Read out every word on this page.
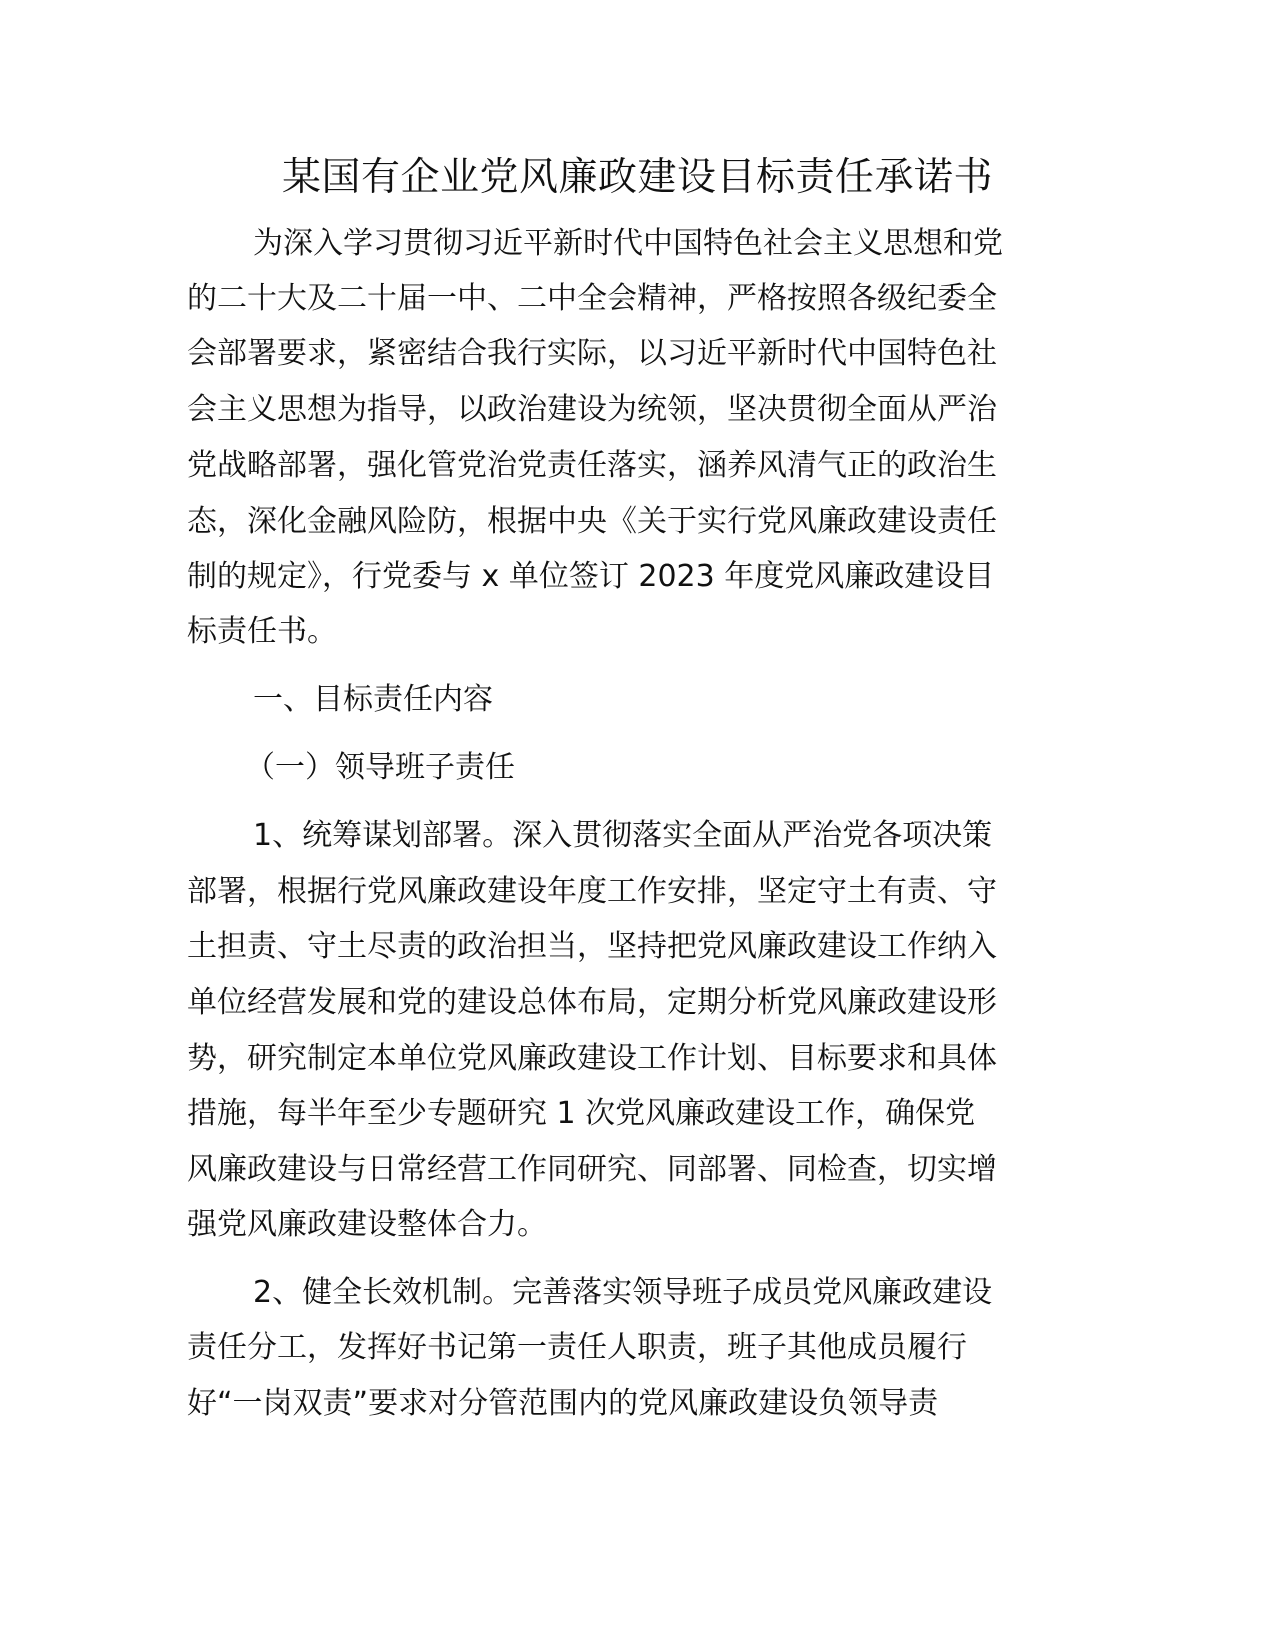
某国有企业党风廉政建设目标责任承诺书
为深入学习贯彻习近平新时代中国特色社会主义思想和党
的二十大及二十届一中、二中全会精神，严格按照各级纪委全
会部署要求，紧密结合我行实际，以习近平新时代中国特色社
会主义思想为指导，以政治建设为统领，坚决贯彻全面从严治
党战略部署，强化管党治党责任落实，涵养风清气正的政治生
态，深化金融风险防，根据中央《关于实行党风廉政建设责任
制的规定》，行党委与 x 单位签订 2023 年度党风廉政建设目
标责任书。
一、目标责任内容
（一）领导班子责任
1、统筹谋划部署。深入贯彻落实全面从严治党各项决策
部署，根据行党风廉政建设年度工作安排，坚定守土有责、守
土担责、守土尽责的政治担当，坚持把党风廉政建设工作纳入
单位经营发展和党的建设总体布局，定期分析党风廉政建设形
势，研究制定本单位党风廉政建设工作计划、目标要求和具体
措施，每半年至少专题研究 1 次党风廉政建设工作，确保党
风廉政建设与日常经营工作同研究、同部署、同检查，切实增
强党风廉政建设整体合力。
2、健全长效机制。完善落实领导班子成员党风廉政建设
责任分工，发挥好书记第一责任人职责，班子其他成员履行
好“一岗双责”要求对分管范围内的党风廉政建设负领导责
